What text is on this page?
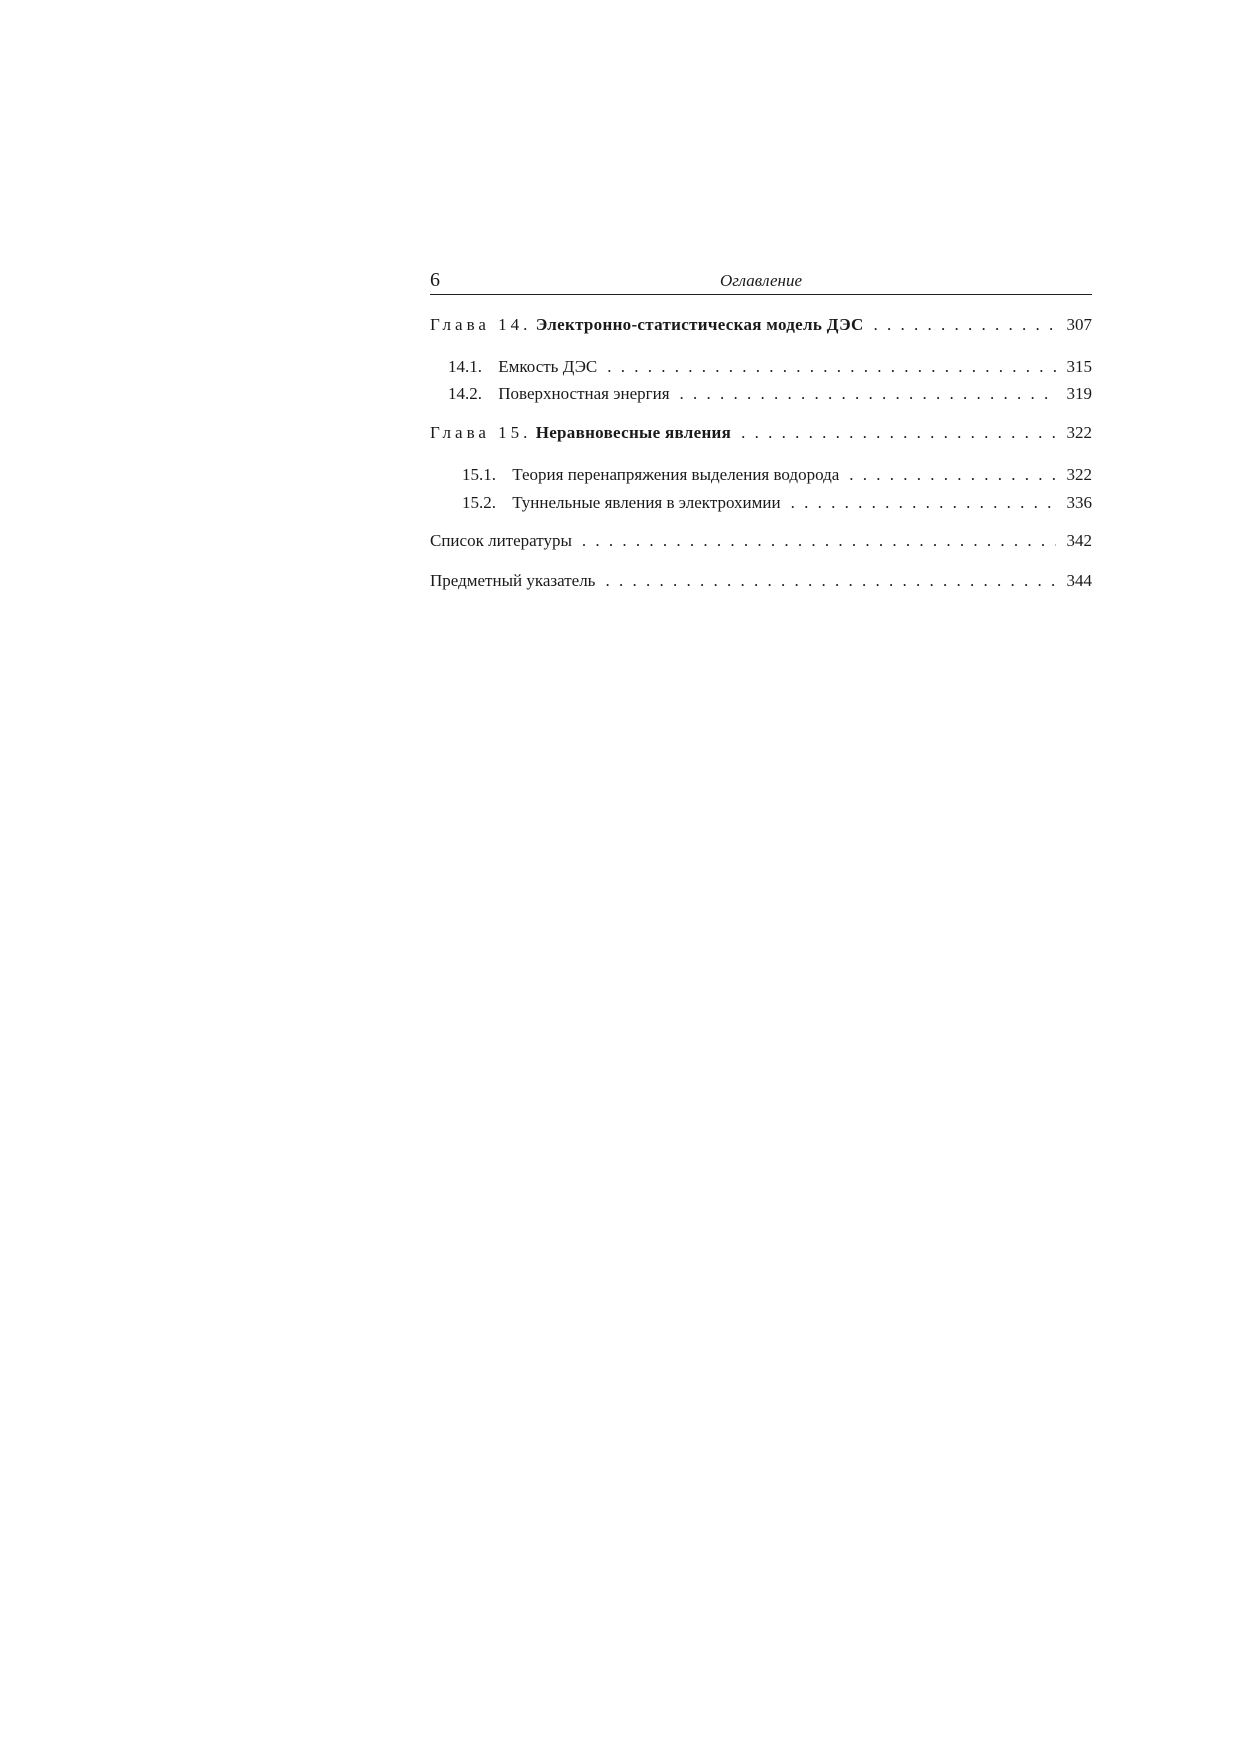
6	Оглавление
Глава 14. Электронно-статистическая модель ДЭС . . .	307
14.1. Емкость ДЭС . . .	315
14.2. Поверхностная энергия . . .	319
Глава 15. Неравновесные явления . . .	322
15.1. Теория перенапряжения выделения водорода . . .	322
15.2. Туннельные явления в электрохимии . . .	336
Список литературы . . .	342
Предметный указатель . . .	344
